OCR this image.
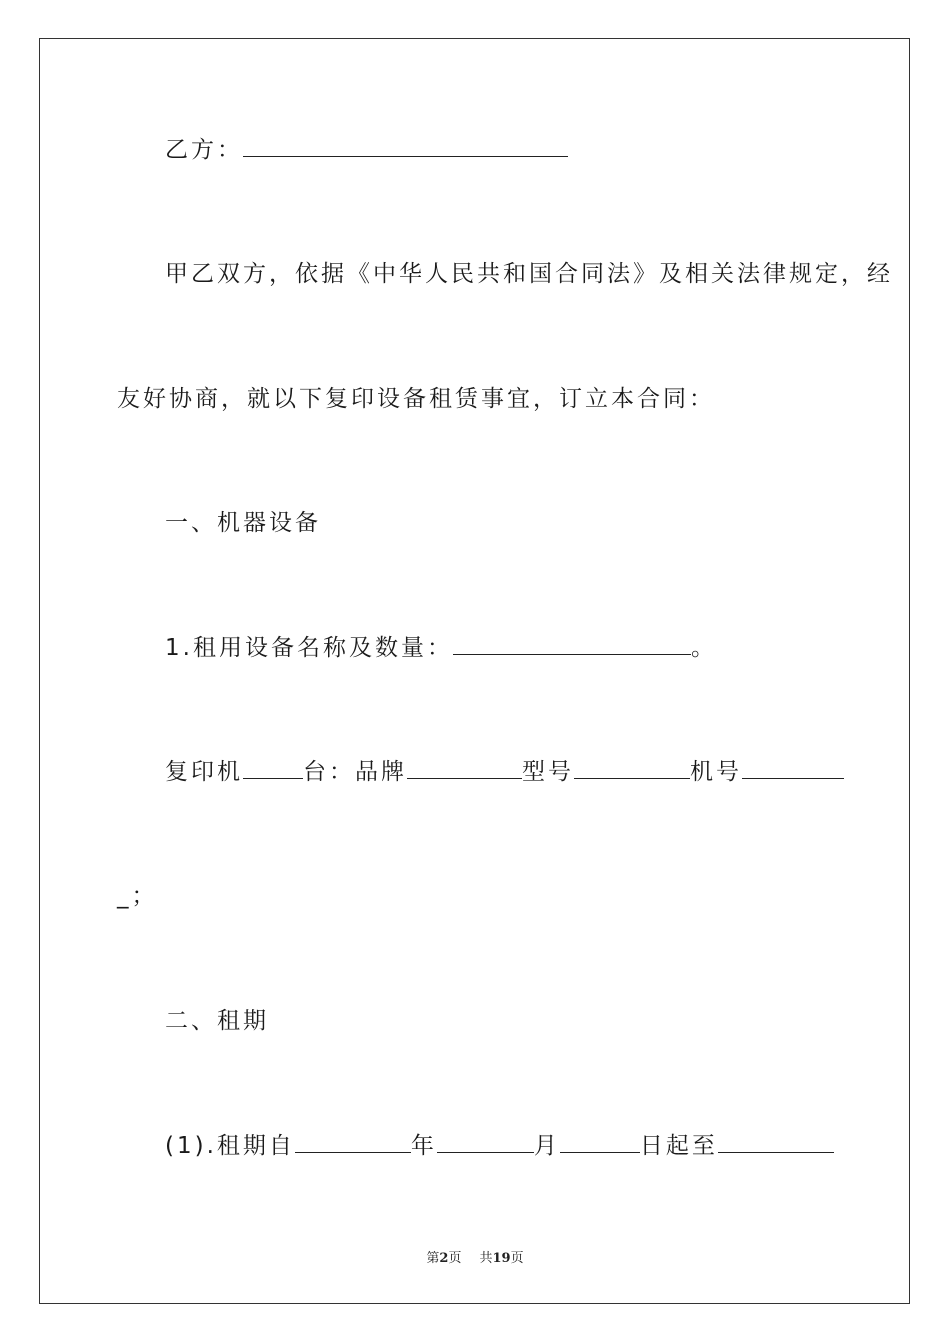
乙方：
甲乙双方，依据《中华人民共和国合同法》及相关法律规定，经
友好协商，就以下复印设备租赁事宜，订立本合同：
一、机器设备
1.租用设备名称及数量：	。
复印机	台：品牌	型号	机号
_；
二、租期
(1).租期自	年	月	日起至
第2页 共19页
